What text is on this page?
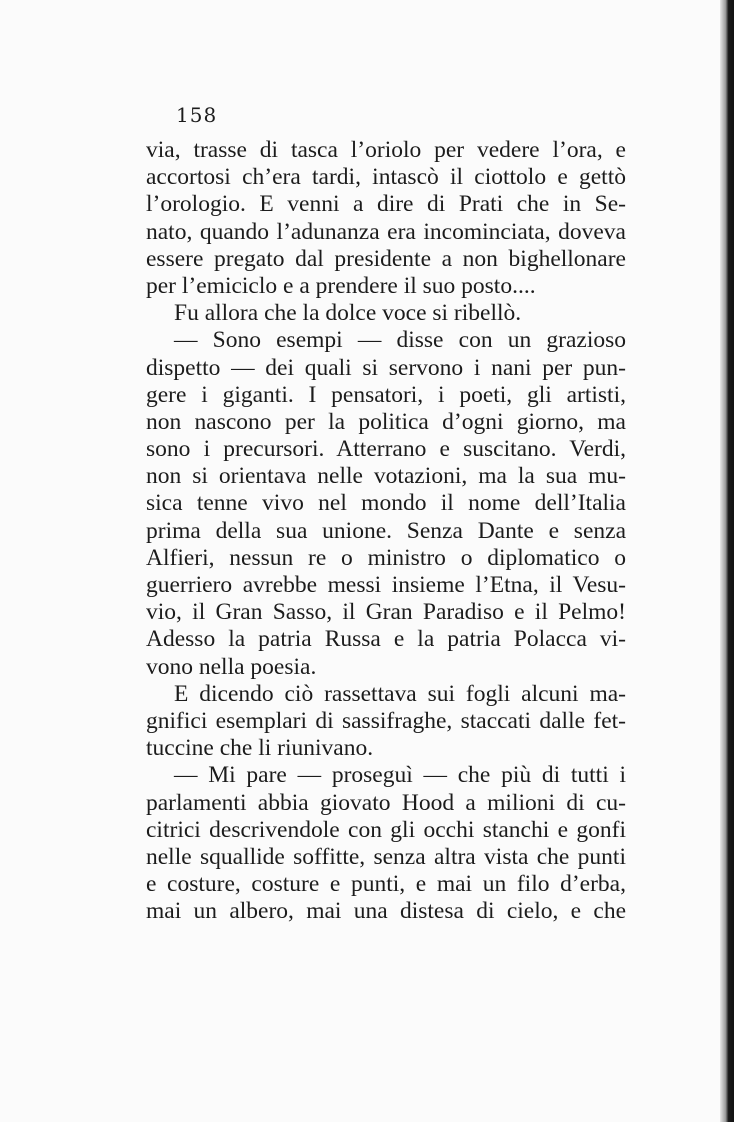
158
via, trasse di tasca l’oriolo per vedere l’ora, e
accortosi ch’era tardi, intascò il ciottolo e gettò
l’orologio. E venni a dire di Prati che in Se-
nato, quando l’adunanza era incominciata, doveva
essere pregato dal presidente a non bighellonare
per l’emiciclo e a prendere il suo posto....
Fu allora che la dolce voce si ribellò.
— Sono esempi — disse con un grazioso
dispetto — dei quali si servono i nani per pun-
gere i giganti. I pensatori, i poeti, gli artisti,
non nascono per la politica d’ogni giorno, ma
sono i precursori. Atterrano e suscitano. Verdi,
non si orientava nelle votazioni, ma la sua mu-
sica tenne vivo nel mondo il nome dell’Italia
prima della sua unione. Senza Dante e senza
Alfieri, nessun re o ministro o diplomatico o
guerriero avrebbe messi insieme l’Etna, il Vesu-
vio, il Gran Sasso, il Gran Paradiso e il Pelmo!
Adesso la patria Russa e la patria Polacca vi-
vono nella poesia.
E dicendo ciò rassettava sui fogli alcuni ma-
gnifici esemplari di sassifraghe, staccati dalle fet-
tuccine che li riunivano.
— Mi pare — proseguì — che più di tutti i
parlamenti abbia giovato Hood a milioni di cu-
citrici descrivendole con gli occhi stanchi e gonfi
nelle squallide soffitte, senza altra vista che punti
e costure, costure e punti, e mai un filo d’erba,
mai un albero, mai una distesa di cielo, e che
